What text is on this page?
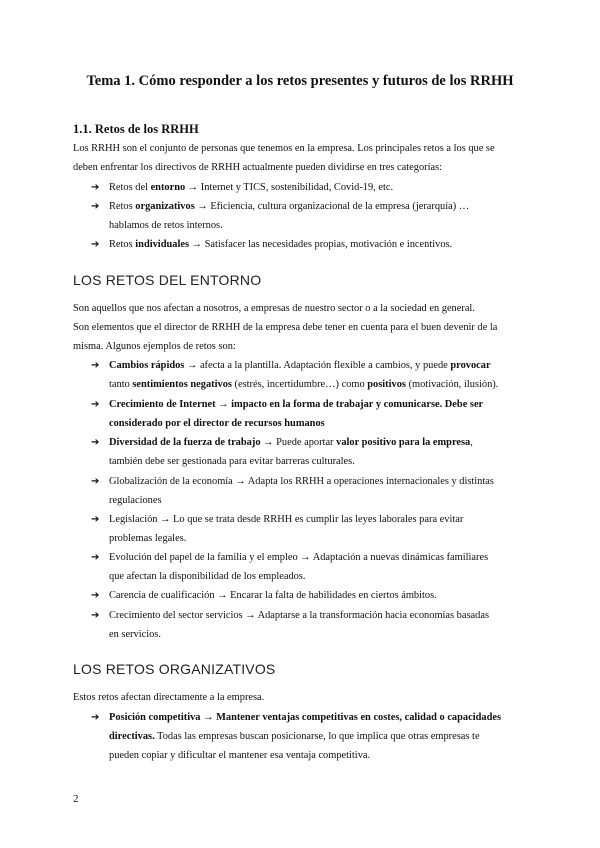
Tema 1. Cómo responder a los retos presentes y futuros de los RRHH
1.1. Retos de los RRHH
Los RRHH son el conjunto de personas que tenemos en la empresa. Los principales retos a los que se
deben enfrentar los directivos de RRHH actualmente pueden dividirse en tres categorías:
➔ Retos del entorno → Internet y TICS, sostenibilidad, Covid-19, etc.
➔ Retos organizativos → Eficiencia, cultura organizacional de la empresa (jerarquía) …
hablamos de retos internos.
➔ Retos individuales → Satisfacer las necesidades propias, motivación e incentivos.
LOS RETOS DEL ENTORNO
Son aquellos que nos afectan a nosotros, a empresas de nuestro sector o a la sociedad en general.
Son elementos que el director de RRHH de la empresa debe tener en cuenta para el buen devenir de la
misma. Algunos ejemplos de retos son:
➔ Cambios rápidos → afecta a la plantilla. Adaptación flexible a cambios, y puede provocar
tanto sentimientos negativos (estrés, incertidumbre…) como positivos (motivación, ilusión).
➔ Crecimiento de Internet → impacto en la forma de trabajar y comunicarse. Debe ser
considerado por el director de recursos humanos
➔ Diversidad de la fuerza de trabajo → Puede aportar valor positivo para la empresa,
también debe ser gestionada para evitar barreras culturales.
➔ Globalización de la economía → Adapta los RRHH a operaciones internacionales y distintas
regulaciones
➔ Legislación → Lo que se trata desde RRHH es cumplir las leyes laborales para evitar
problemas legales.
➔ Evolución del papel de la familia y el empleo → Adaptación a nuevas dinámicas familiares
que afectan la disponibilidad de los empleados.
➔ Carencia de cualificación → Encarar la falta de habilidades en ciertos ámbitos.
➔ Crecimiento del sector servicios → Adaptarse a la transformación hacia economías basadas
en servicios.
LOS RETOS ORGANIZATIVOS
Estos retos afectan directamente a la empresa.
➔ Posición competitiva → Mantener ventajas competitivas en costes, calidad o capacidades
directivas. Todas las empresas buscan posicionarse, lo que implica que otras empresas te
pueden copiar y dificultar el mantener esa ventaja competitiva.
2
